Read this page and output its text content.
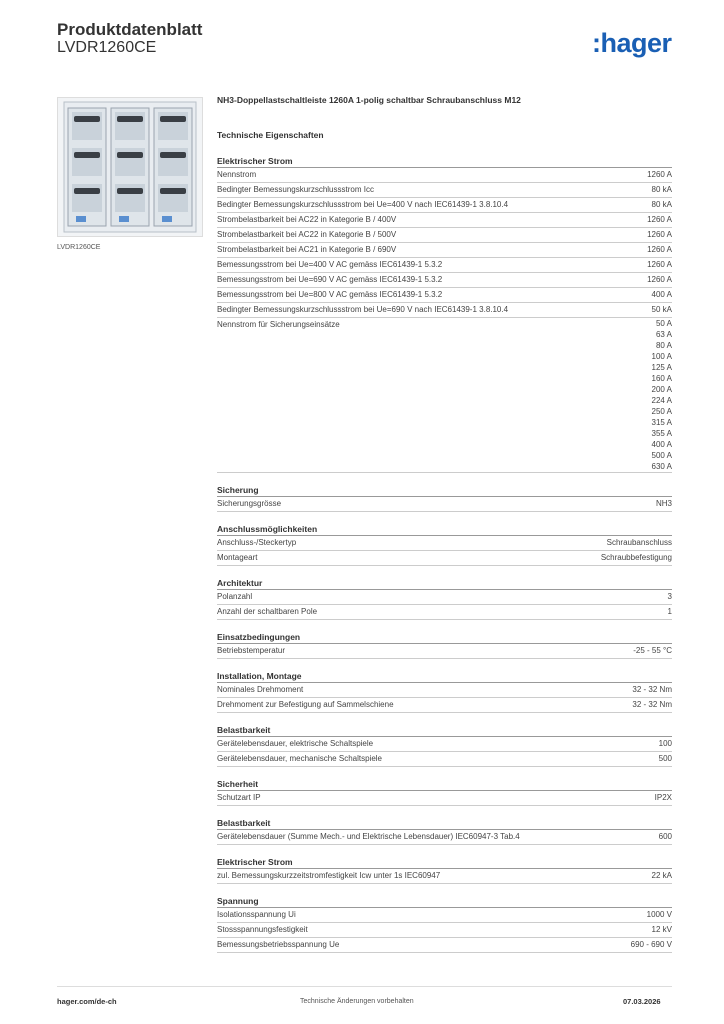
Produktdatenblatt
LVDR1260CE	:hager
LVDR1260CE
NH3-Doppellastschaltleiste 1260A 1-polig schaltbar Schraubanschluss M12
Technische Eigenschaften
Elektrischer Strom
Nennstrom	1260 A
Bedingter Bemessungskurzschlussstrom Icc	80 kA
Bedingter Bemessungskurzschlussstrom bei Ue=400 V nach IEC61439-1 3.8.10.4	80 kA
Strombelastbarkeit bei AC22 in Kategorie B / 400V	1260 A
Strombelastbarkeit bei AC22 in Kategorie B / 500V	1260 A
Strombelastbarkeit bei AC21 in Kategorie B / 690V	1260 A
Bemessungsstrom bei Ue=400 V AC gemäss IEC61439-1 5.3.2	1260 A
Bemessungsstrom bei Ue=690 V AC gemäss IEC61439-1 5.3.2	1260 A
Bemessungsstrom bei Ue=800 V AC gemäss IEC61439-1 5.3.2	400 A
Bedingter Bemessungskurzschlussstrom bei Ue=690 V nach IEC61439-1 3.8.10.4	50 kA
Nennstrom für Sicherungseinsätze	50 A
63 A
80 A
100 A
125 A
160 A
200 A
224 A
250 A
315 A
355 A
400 A
500 A
630 A
Sicherung
Sicherungsgrösse	NH3
Anschlussmöglichkeiten
Anschluss-/Steckertyp	Schraubanschluss
Montageart	Schraubbefestigung
Architektur
Polanzahl	3
Anzahl der schaltbaren Pole	1
Einsatzbedingungen
Betriebstemperatur	-25 - 55 °C
Installation, Montage
Nominales Drehmoment	32 - 32 Nm
Drehmoment zur Befestigung auf Sammelschiene	32 - 32 Nm
Belastbarkeit
Gerätelebensdauer, elektrische Schaltspiele	100
Gerätelebensdauer, mechanische Schaltspiele	500
Sicherheit
Schutzart IP	IP2X
Belastbarkeit
Gerätelebensdauer (Summe Mech.- und Elektrische Lebensdauer) IEC60947-3 Tab.4	600
Elektrischer Strom
zul. Bemessungskurzzeitstromfestigkeit Icw unter 1s IEC60947	22 kA
Spannung
Isolationsspannung Ui	1000 V
Stossspannungsfestigkeit	12 kV
Bemessungsbetriebsspannung Ue	690 - 690 V
hager.com/de-ch	Technische Änderungen vorbehalten	07.03.2026
